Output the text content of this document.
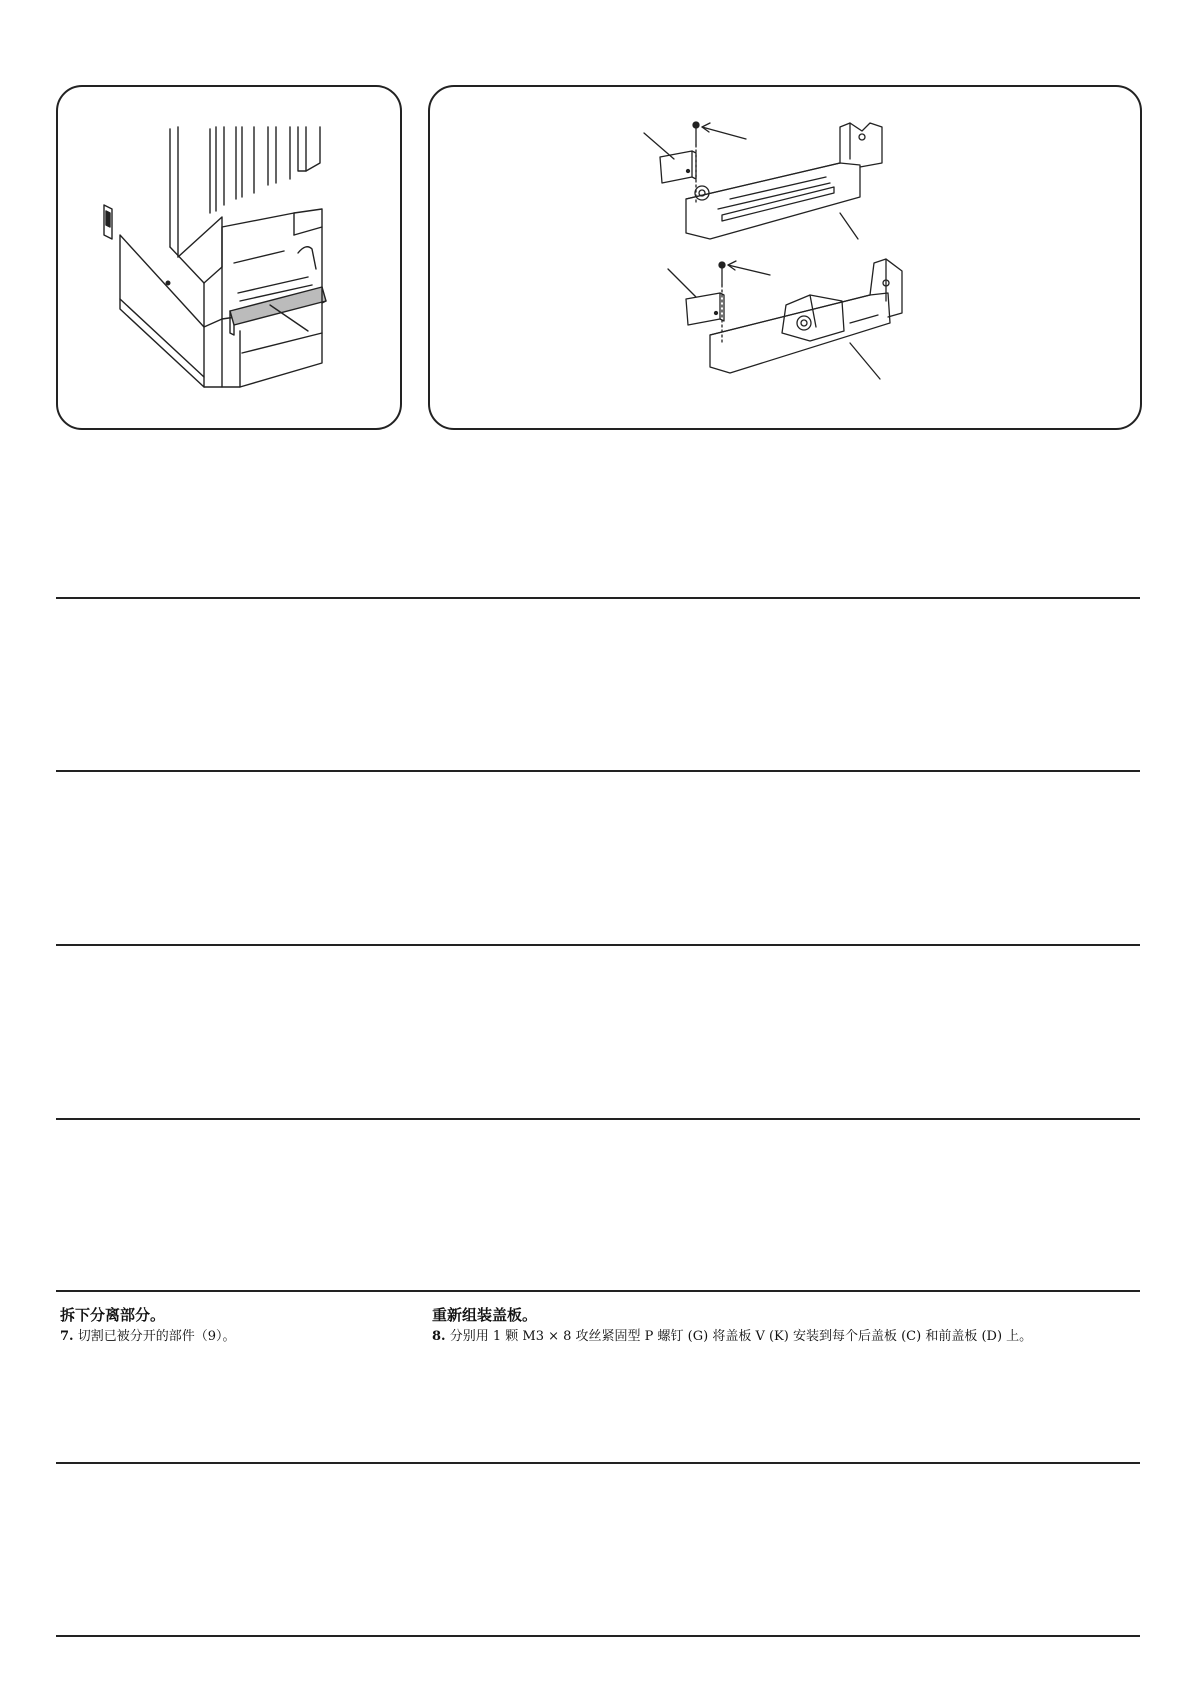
拆下分离部分。
7. 切割已被分开的部件（9）。
重新组装盖板。
8. 分别用 1 颗 M3 × 8 攻丝紧固型 P 螺钉 (G) 将盖板 V (K) 安装到每个后盖板 (C) 和前盖板 (D) 上。
